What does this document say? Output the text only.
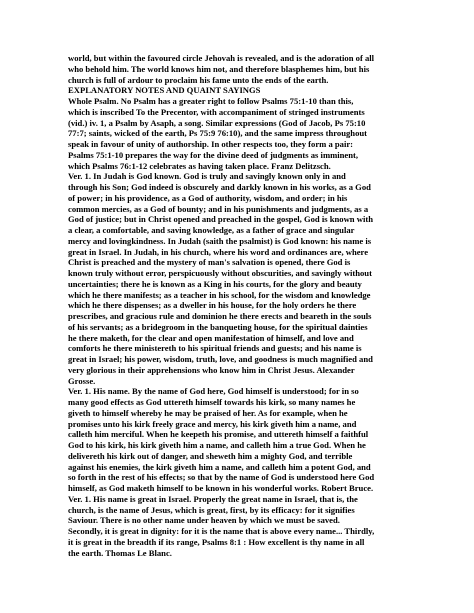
world, but within the favoured circle Jehovah is revealed, and is the adoration of all
who behold him. The world knows him not, and therefore blasphemes him, but his
church is full of ardour to proclaim his fame unto the ends of the earth.
EXPLANATORY NOTES AND QUAINT SAYINGS
Whole Psalm. No Psalm has a greater right to follow Psalms 75:1-10 than this,
which is inscribed To the Precentor, with accompaniment of stringed instruments
(vid.) iv. 1, a Psalm by Asaph, a song. Similar expressions (God of Jacob, Ps 75:10
77:7; saints, wicked of the earth, Ps 75:9 76:10), and the same impress throughout
speak in favour of unity of authorship. In other respects too, they form a pair:
Psalms 75:1-10 prepares the way for the divine deed of judgments as imminent,
which Psalms 76:1-12 celebrates as having taken place. Franz Delitzsch.
Ver. 1. In Judah is God known. God is truly and savingly known only in and
through his Son; God indeed is obscurely and darkly known in his works, as a God
of power; in his providence, as a God of authority, wisdom, and order; in his
common mercies, as a God of bounty; and in his punishments and judgments, as a
God of justice; but in Christ opened and preached in the gospel, God is known with
a clear, a comfortable, and saving knowledge, as a father of grace and singular
mercy and lovingkindness. In Judah (saith the psalmist) is God known: his name is
great in Israel. In Judah, in his church, where his word and ordinances are, where
Christ is preached and the mystery of man's salvation is opened, there God is
known truly without error, perspicuously without obscurities, and savingly without
uncertainties; there he is known as a King in his courts, for the glory and beauty
which he there manifests; as a teacher in his school, for the wisdom and knowledge
which he there dispenses; as a dweller in his house, for the holy orders he there
prescribes, and gracious rule and dominion he there erects and beareth in the souls
of his servants; as a bridegroom in the banqueting house, for the spiritual dainties
he there maketh, for the clear and open manifestation of himself, and love and
comforts he there ministereth to his spiritual friends and guests; and his name is
great in Israel; his power, wisdom, truth, love, and goodness is much magnified and
very glorious in their apprehensions who know him in Christ Jesus. Alexander
Grosse.
Ver. 1. His name. By the name of God here, God himself is understood; for in so
many good effects as God uttereth himself towards his kirk, so many names he
giveth to himself whereby he may be praised of her. As for example, when he
promises unto his kirk freely grace and mercy, his kirk giveth him a name, and
calleth him merciful. When he keepeth his promise, and uttereth himself a faithful
God to his kirk, his kirk giveth him a name, and calleth him a true God. When he
delivereth his kirk out of danger, and sheweth him a mighty God, and terrible
against his enemies, the kirk giveth him a name, and calleth him a potent God, and
so forth in the rest of his effects; so that by the name of God is understood here God
himself, as God maketh himself to be known in his wonderful works. Robert Bruce.
Ver. 1. His name is great in Israel. Properly the great name in Israel, that is, the
church, is the name of Jesus, which is great, first, by its efficacy: for it signifies
Saviour. There is no other name under heaven by which we must be saved.
Secondly, it is great in dignity: for it is the name that is above every name... Thirdly,
it is great in the breadth if its range, Psalms 8:1 : How excellent is thy name in all
the earth. Thomas Le Blanc.
